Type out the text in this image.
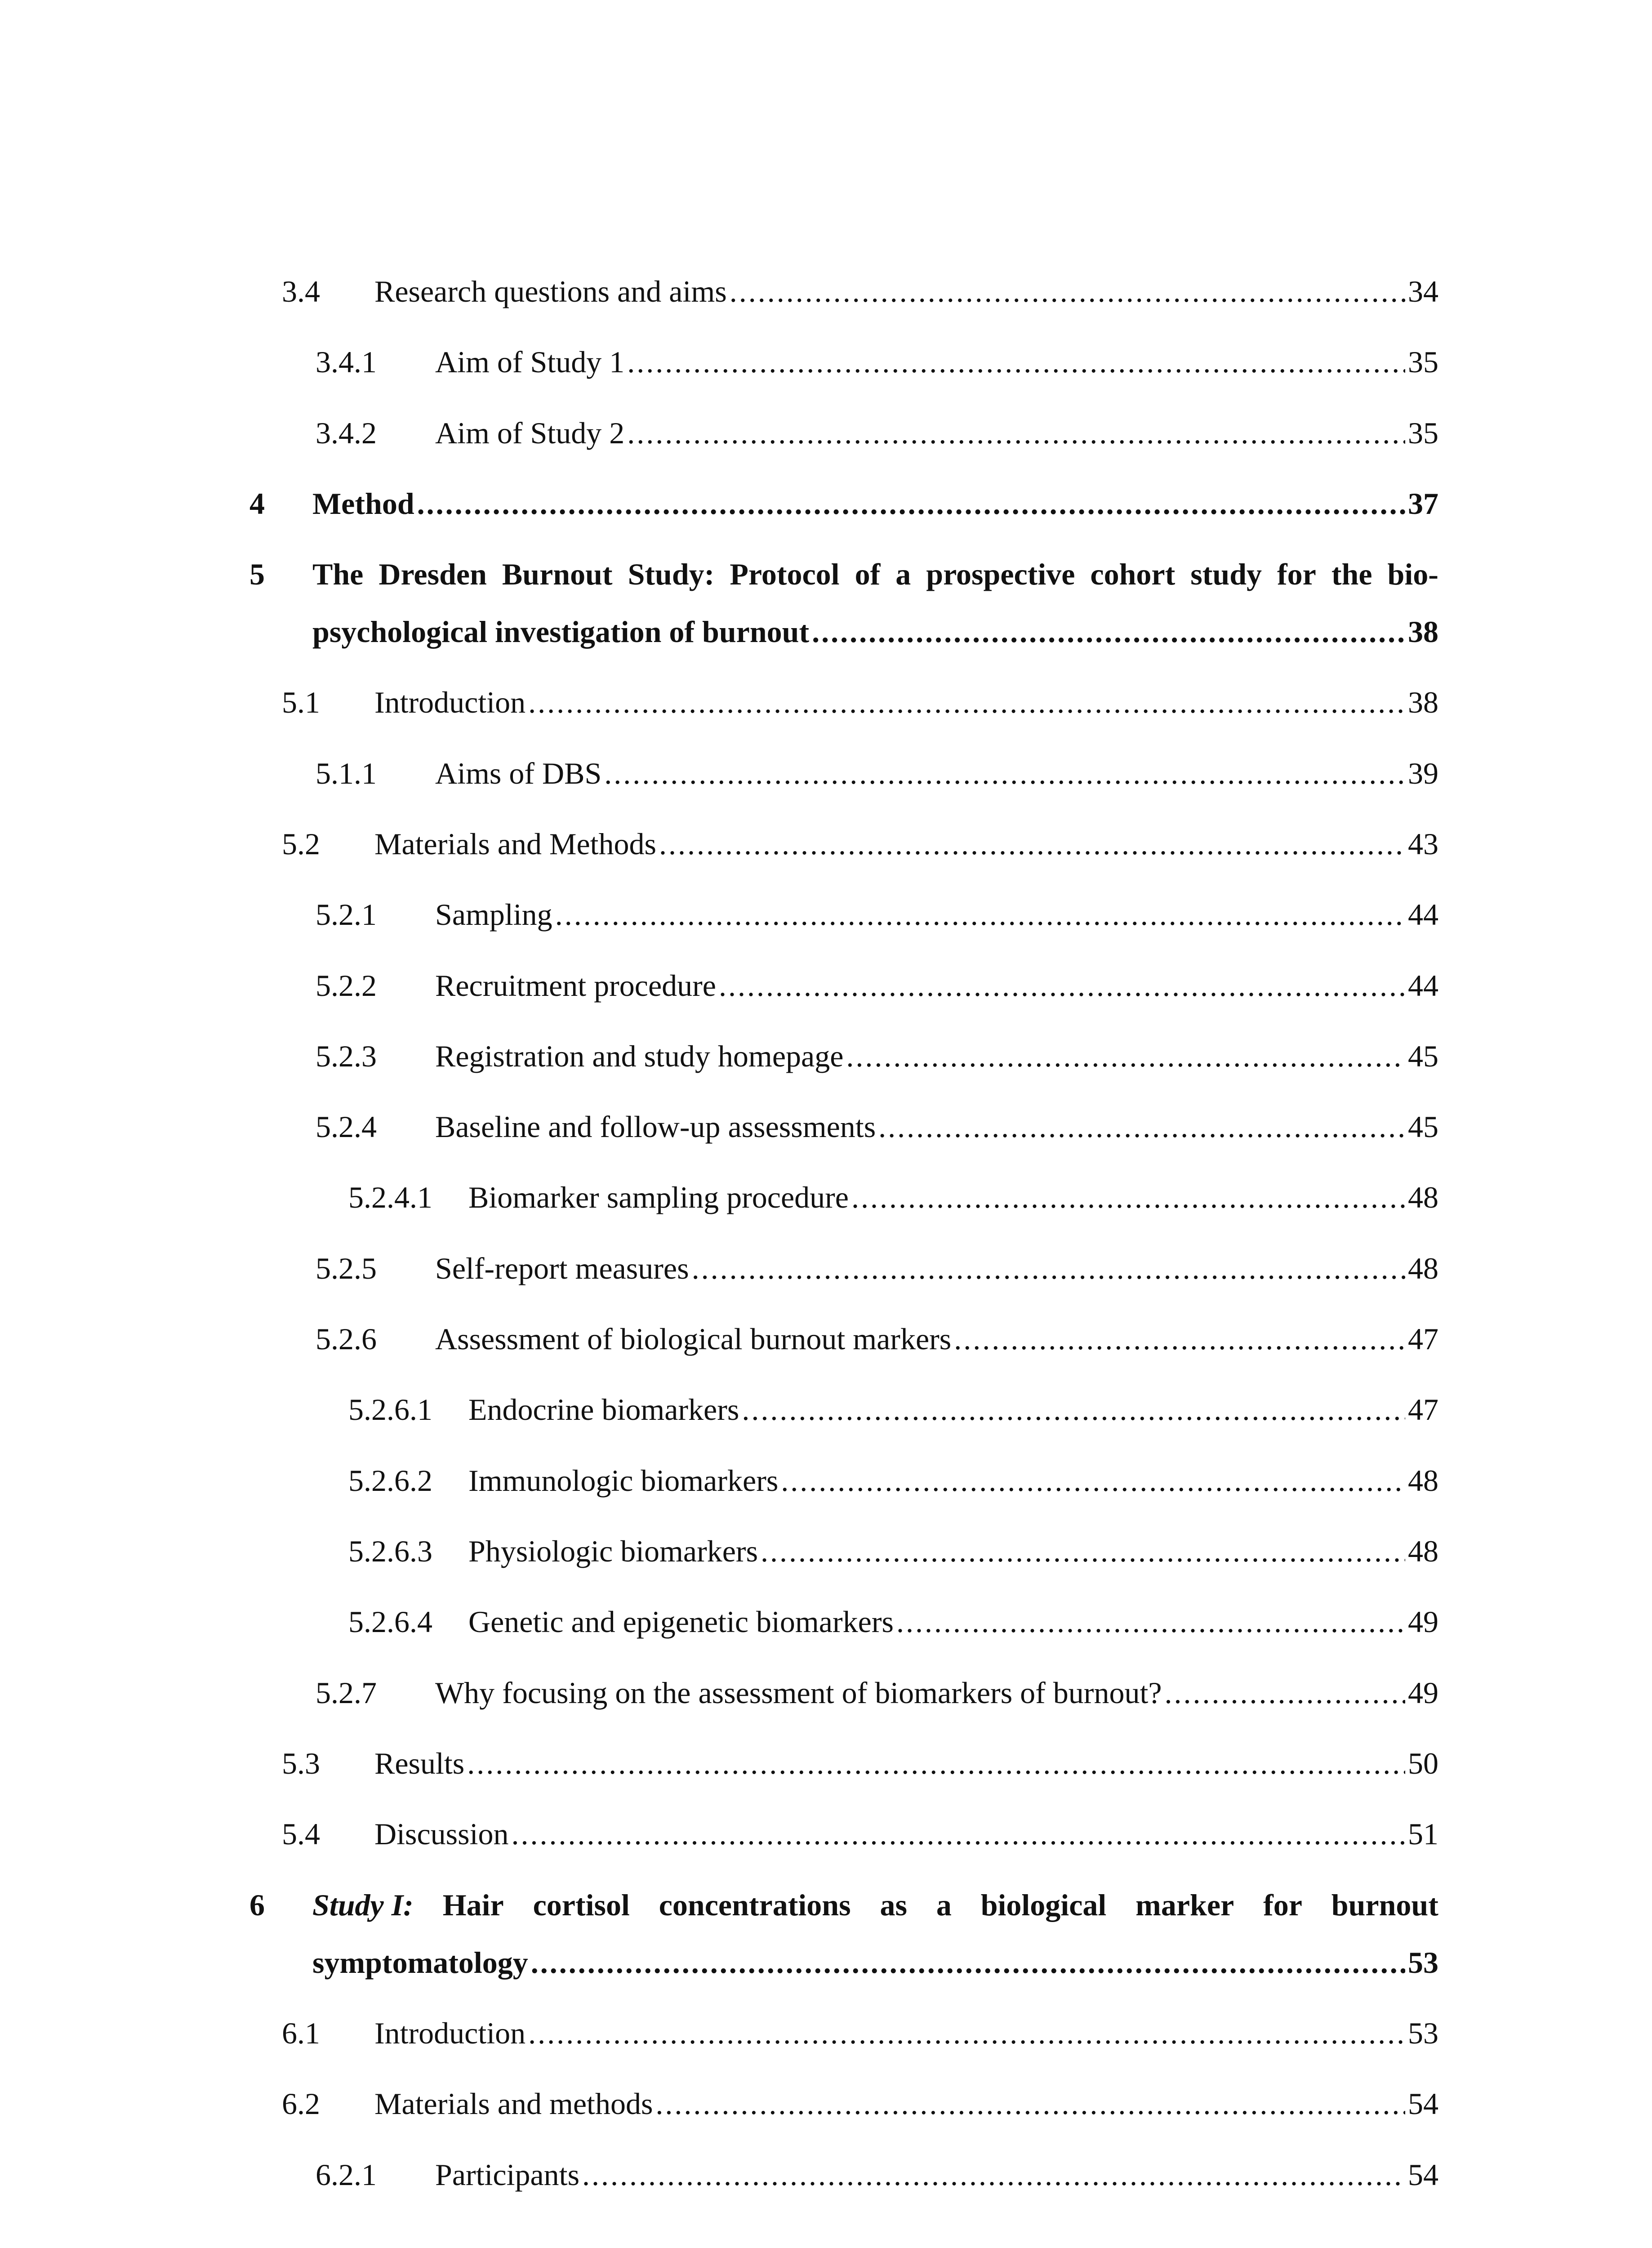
3.4 Research questions and aims .....	34
3.4.1 Aim of Study 1 .....	35
3.4.2 Aim of Study 2 .....	35
4 Method .....	37
5 The Dresden Burnout Study: Protocol of a prospective cohort study for the bio-
psychological investigation of burnout .....	38
5.1 Introduction .....	38
5.1.1 Aims of DBS .....	39
5.2 Materials and Methods .....	43
5.2.1 Sampling .....	44
5.2.2 Recruitment procedure .....	44
5.2.3 Registration and study homepage .....	45
5.2.4 Baseline and follow-up assessments .....	45
5.2.4.1 Biomarker sampling procedure .....	48
5.2.5 Self-report measures .....	48
5.2.6 Assessment of biological burnout markers .....	47
5.2.6.1 Endocrine biomarkers .....	47
5.2.6.2 Immunologic biomarkers .....	48
5.2.6.3 Physiologic biomarkers .....	48
5.2.6.4 Genetic and epigenetic biomarkers .....	49
5.2.7 Why focusing on the assessment of biomarkers of burnout? .....	49
5.3 Results .....	50
5.4 Discussion .....	51
6 Study I: Hair cortisol concentrations as a biological marker for burnout
symptomatology .....	53
6.1 Introduction .....	53
6.2 Materials and methods .....	54
6.2.1 Participants .....	54
